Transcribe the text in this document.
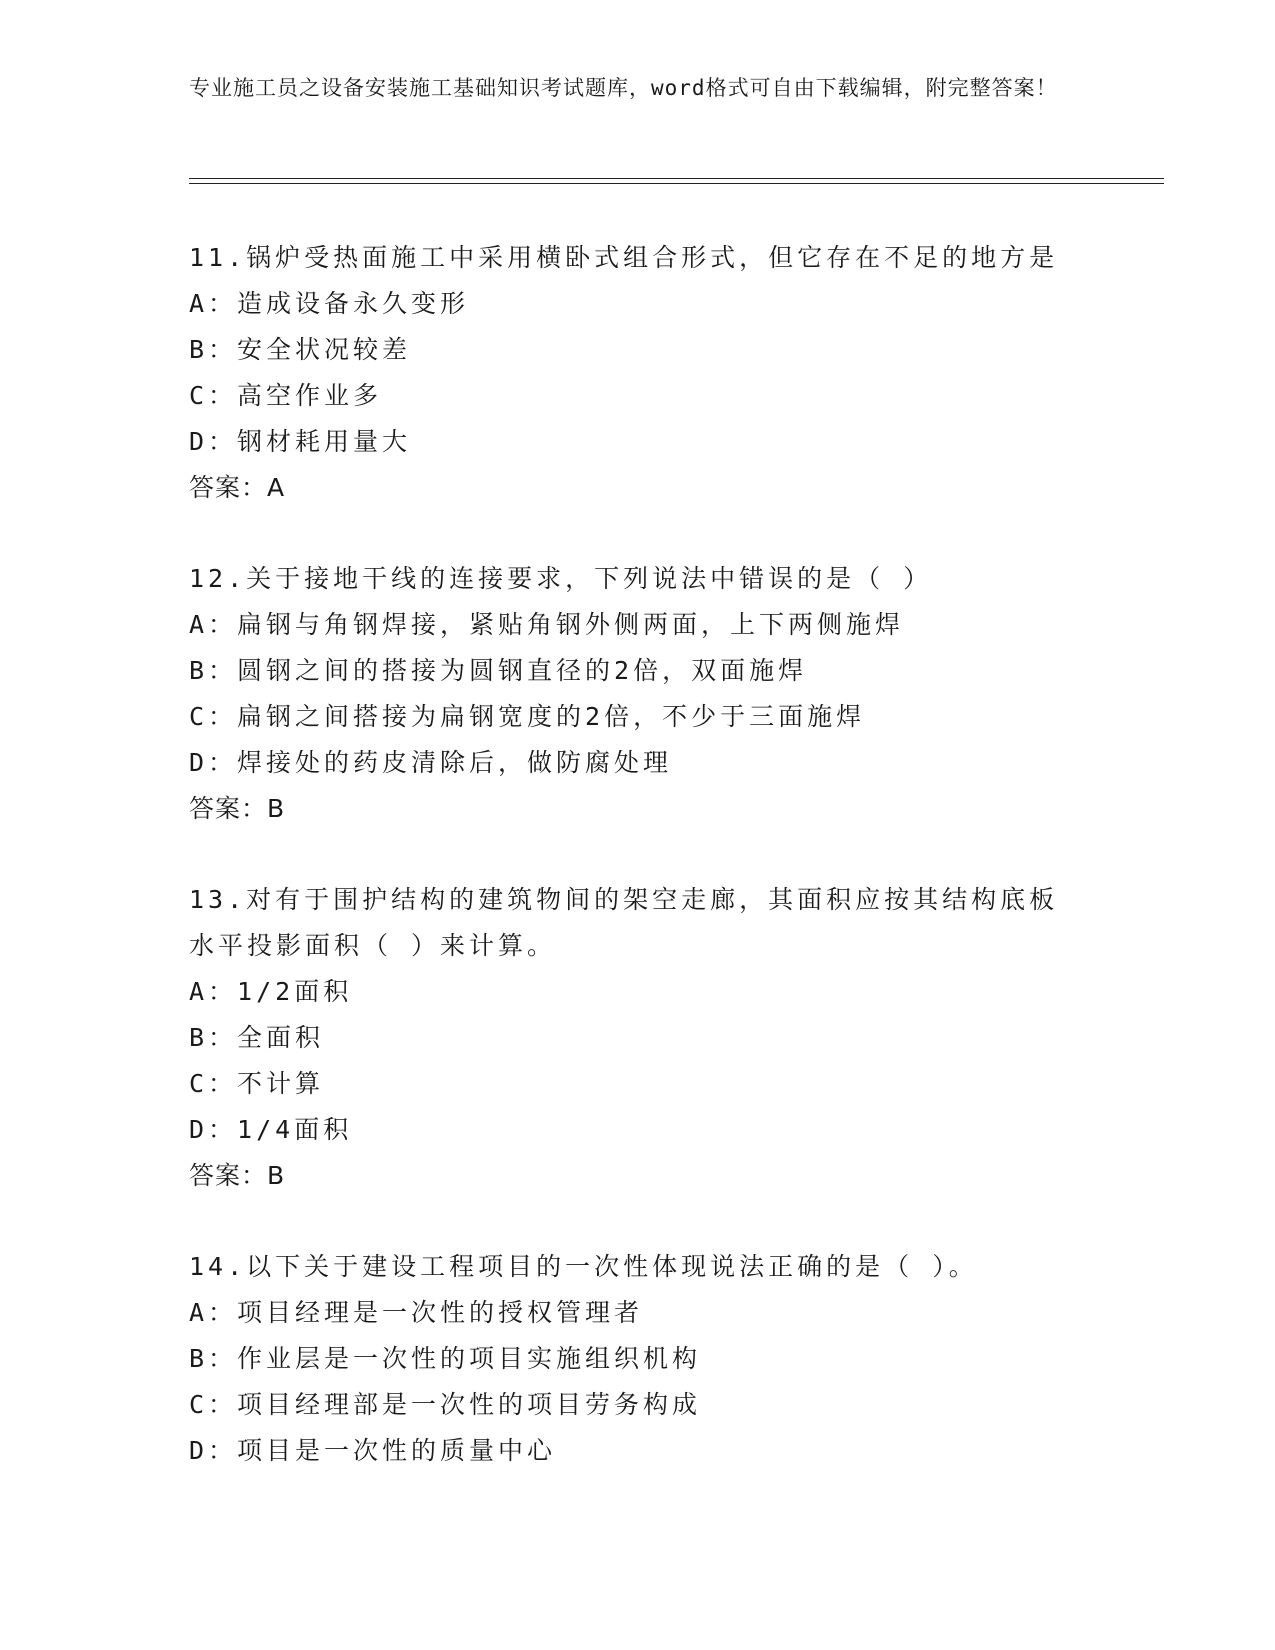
专业施工员之设备安装施工基础知识考试题库，word格式可自由下载编辑，附完整答案！
11.锅炉受热面施工中采用横卧式组合形式，但它存在不足的地方是
A：造成设备永久变形
B：安全状况较差
C：高空作业多
D：钢材耗用量大
答案：A
12.关于接地干线的连接要求，下列说法中错误的是（ ）
A：扁钢与角钢焊接，紧贴角钢外侧两面，上下两侧施焊
B：圆钢之间的搭接为圆钢直径的2倍，双面施焊
C：扁钢之间搭接为扁钢宽度的2倍，不少于三面施焊
D：焊接处的药皮清除后，做防腐处理
答案：B
13.对有于围护结构的建筑物间的架空走廊，其面积应按其结构底板水平投影面积（ ）来计算。
A：1/2面积
B：全面积
C：不计算
D：1/4面积
答案：B
14.以下关于建设工程项目的一次性体现说法正确的是（ ）。
A：项目经理是一次性的授权管理者
B：作业层是一次性的项目实施组织机构
C：项目经理部是一次性的项目劳务构成
D：项目是一次性的质量中心
